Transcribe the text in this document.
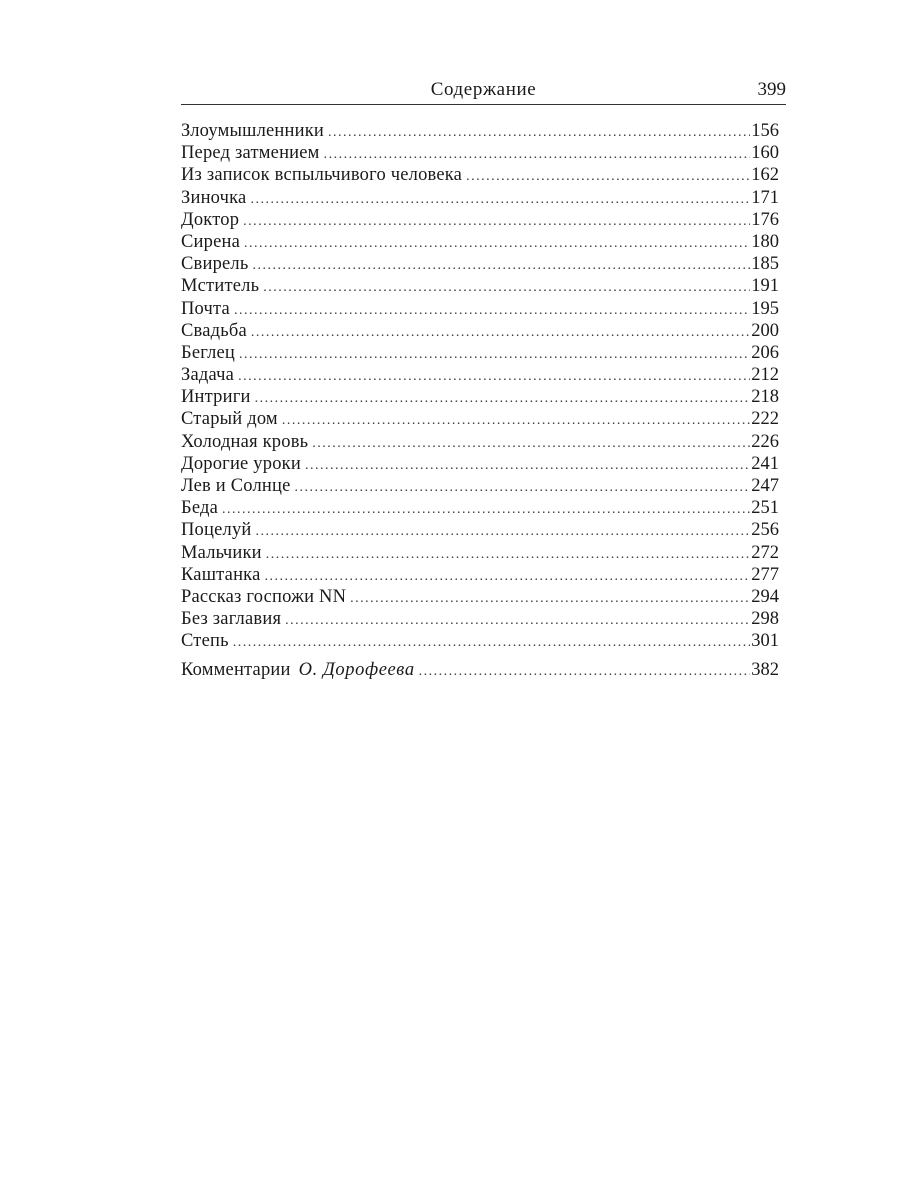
Содержание	399
Злоумышленники .....	156
Перед затмением .....	160
Из записок вспыльчивого человека .....	162
Зиночка .....	171
Доктор .....	176
Сирена .....	180
Свирель .....	185
Мститель .....	191
Почта .....	195
Свадьба .....	200
Беглец .....	206
Задача .....	212
Интриги .....	218
Старый дом .....	222
Холодная кровь .....	226
Дорогие уроки .....	241
Лев и Солнце .....	247
Беда .....	251
Поцелуй .....	256
Мальчики .....	272
Каштанка .....	277
Рассказ госпожи NN .....	294
Без заглавия .....	298
Степь .....	301
Комментарии О. Дорофеева .....	382
